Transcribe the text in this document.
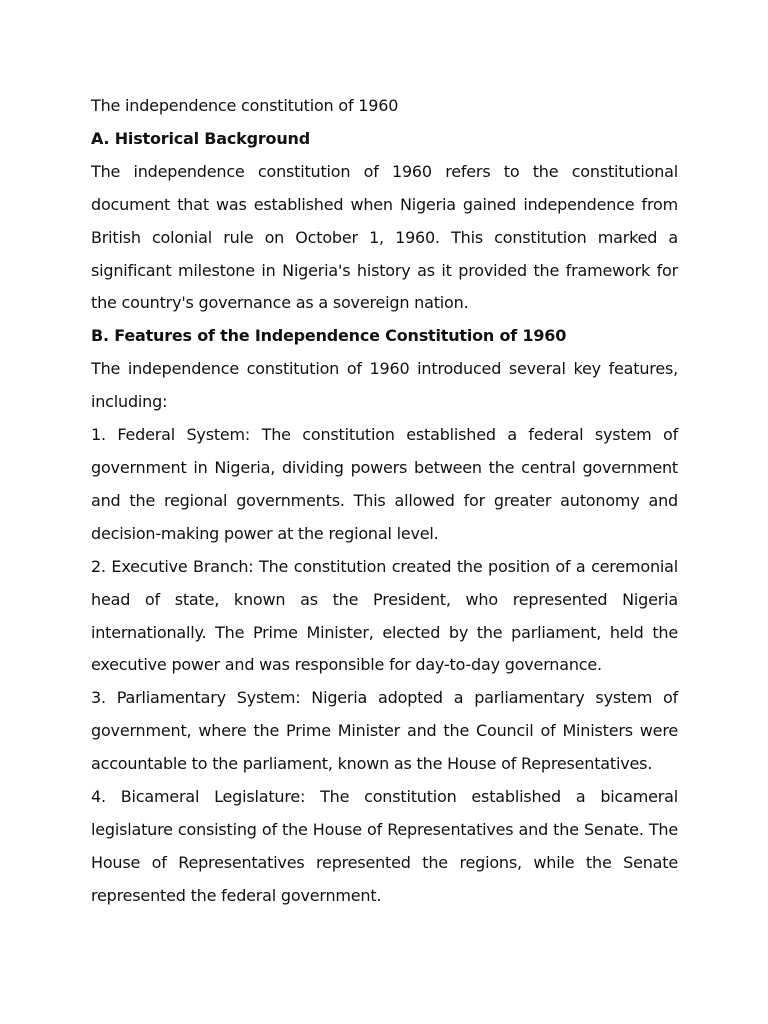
The independence constitution of 1960

A. Historical Background

The independence constitution of 1960 refers to the constitutional document that was established when Nigeria gained independence from British colonial rule on October 1, 1960. This constitution marked a significant milestone in Nigeria's history as it provided the framework for the country's governance as a sovereign nation.

B. Features of the Independence Constitution of 1960

The independence constitution of 1960 introduced several key features, including:

1. Federal System: The constitution established a federal system of government in Nigeria, dividing powers between the central government and the regional governments. This allowed for greater autonomy and decision-making power at the regional level.

2. Executive Branch: The constitution created the position of a ceremonial head of state, known as the President, who represented Nigeria internationally. The Prime Minister, elected by the parliament, held the executive power and was responsible for day-to-day governance.

3. Parliamentary System: Nigeria adopted a parliamentary system of government, where the Prime Minister and the Council of Ministers were accountable to the parliament, known as the House of Representatives.

4. Bicameral Legislature: The constitution established a bicameral legislature consisting of the House of Representatives and the Senate. The House of Representatives represented the regions, while the Senate represented the federal government.
